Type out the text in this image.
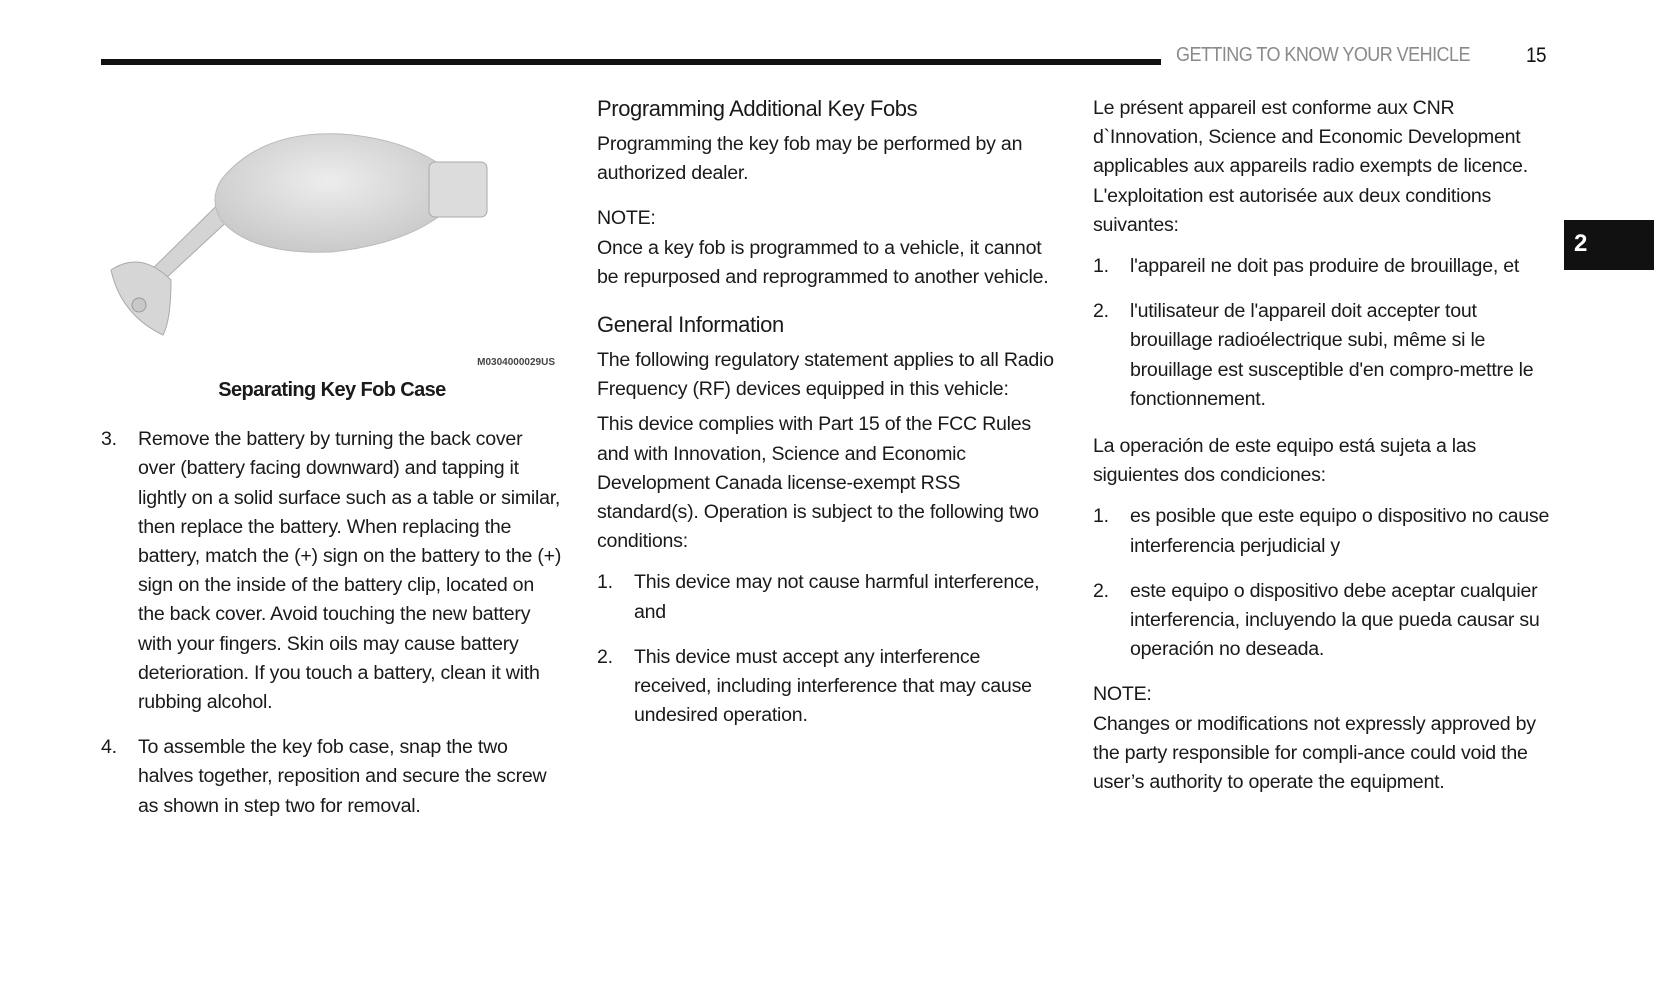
GETTING TO KNOW YOUR VEHICLE	15
2
M0304000029US
Separating Key Fob Case
3. Remove the battery by turning the back cover over (battery facing downward) and tapping it lightly on a solid surface such as a table or similar, then replace the battery. When replacing the battery, match the (+) sign on the battery to the (+) sign on the inside of the battery clip, located on the back cover. Avoid touching the new battery with your fingers. Skin oils may cause battery deterioration. If you touch a battery, clean it with rubbing alcohol.
4. To assemble the key fob case, snap the two halves together, reposition and secure the screw as shown in step two for removal.
Programming Additional Key Fobs

Programming the key fob may be performed by an authorized dealer.

NOTE:

Once a key fob is programmed to a vehicle, it cannot be repurposed and reprogrammed to another vehicle.

General Information

The following regulatory statement applies to all Radio Frequency (RF) devices equipped in this vehicle:

This device complies with Part 15 of the FCC Rules and with Innovation, Science and Economic Development Canada license-exempt RSS standard(s). Operation is subject to the following two conditions:

1. This device may not cause harmful interference, and
2. This device must accept any interference received, including interference that may cause undesired operation.

Le présent appareil est conforme aux CNR d`Innovation, Science and Economic Development applicables aux appareils radio exempts de licence. L'exploitation est autorisée aux deux conditions suivantes:

1. l'appareil ne doit pas produire de brouillage, et
2. l'utilisateur de l'appareil doit accepter tout brouillage radioélectrique subi, même si le brouillage est susceptible d'en compro-mettre le fonctionnement.

La operación de este equipo está sujeta a las siguientes dos condiciones:

1. es posible que este equipo o dispositivo no cause interferencia perjudicial y
2. este equipo o dispositivo debe aceptar cualquier interferencia, incluyendo la que pueda causar su operación no deseada.
NOTE:

Changes or modifications not expressly approved by the party responsible for compli-ance could void the user’s authority to operate the equipment.
